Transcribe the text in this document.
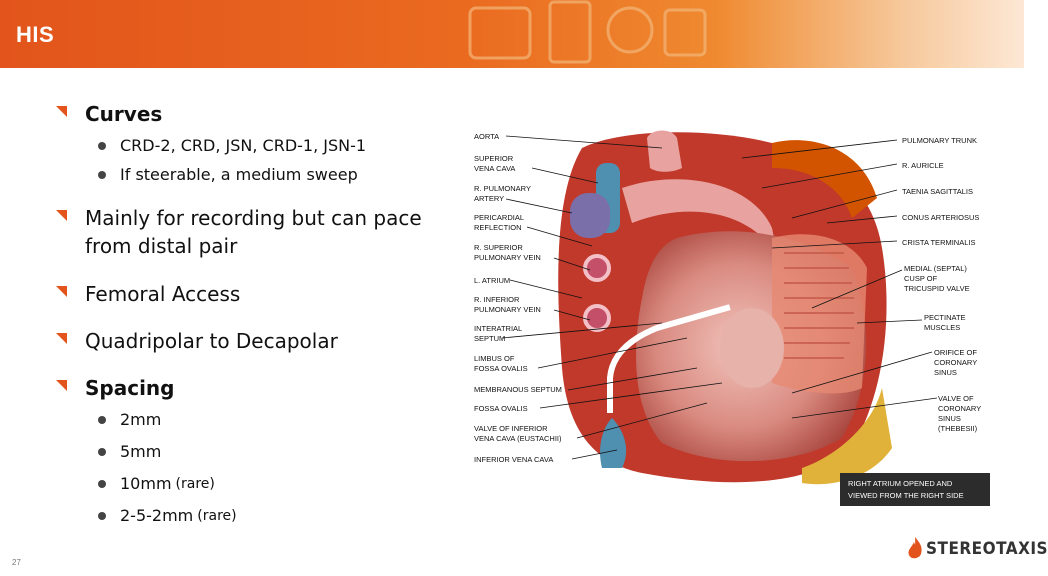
HIS
Curves
CRD-2, CRD, JSN, CRD-1, JSN-1
If steerable, a medium sweep
Mainly for recording but can pace
from distal pair
Femoral Access
Quadripolar to Decapolar
Spacing
2mm
5mm
10mm (rare)
2-5-2mm (rare)
AORTA
SUPERIOR
VENA CAVA
R. PULMONARY
ARTERY
PERICARDIAL
REFLECTION
R. SUPERIOR
PULMONARY VEIN
L. ATRIUM
R. INFERIOR
PULMONARY VEIN
INTERATRIAL
SEPTUM
LIMBUS OF
FOSSA OVALIS
MEMBRANOUS SEPTUM
FOSSA OVALIS
VALVE OF INFERIOR
VENA CAVA (EUSTACHII)
INFERIOR VENA CAVA
PULMONARY TRUNK
R. AURICLE
TAENIA SAGITTALIS
CONUS ARTERIOSUS
CRISTA TERMINALIS
MEDIAL (SEPTAL)
CUSP OF
TRICUSPID VALVE
PECTINATE
MUSCLES
ORIFICE OF
CORONARY
SINUS
VALVE OF
CORONARY
SINUS
(THEBESII)
RIGHT ATRIUM OPENED AND
VIEWED FROM THE RIGHT SIDE
27
STEREOTAXIS
